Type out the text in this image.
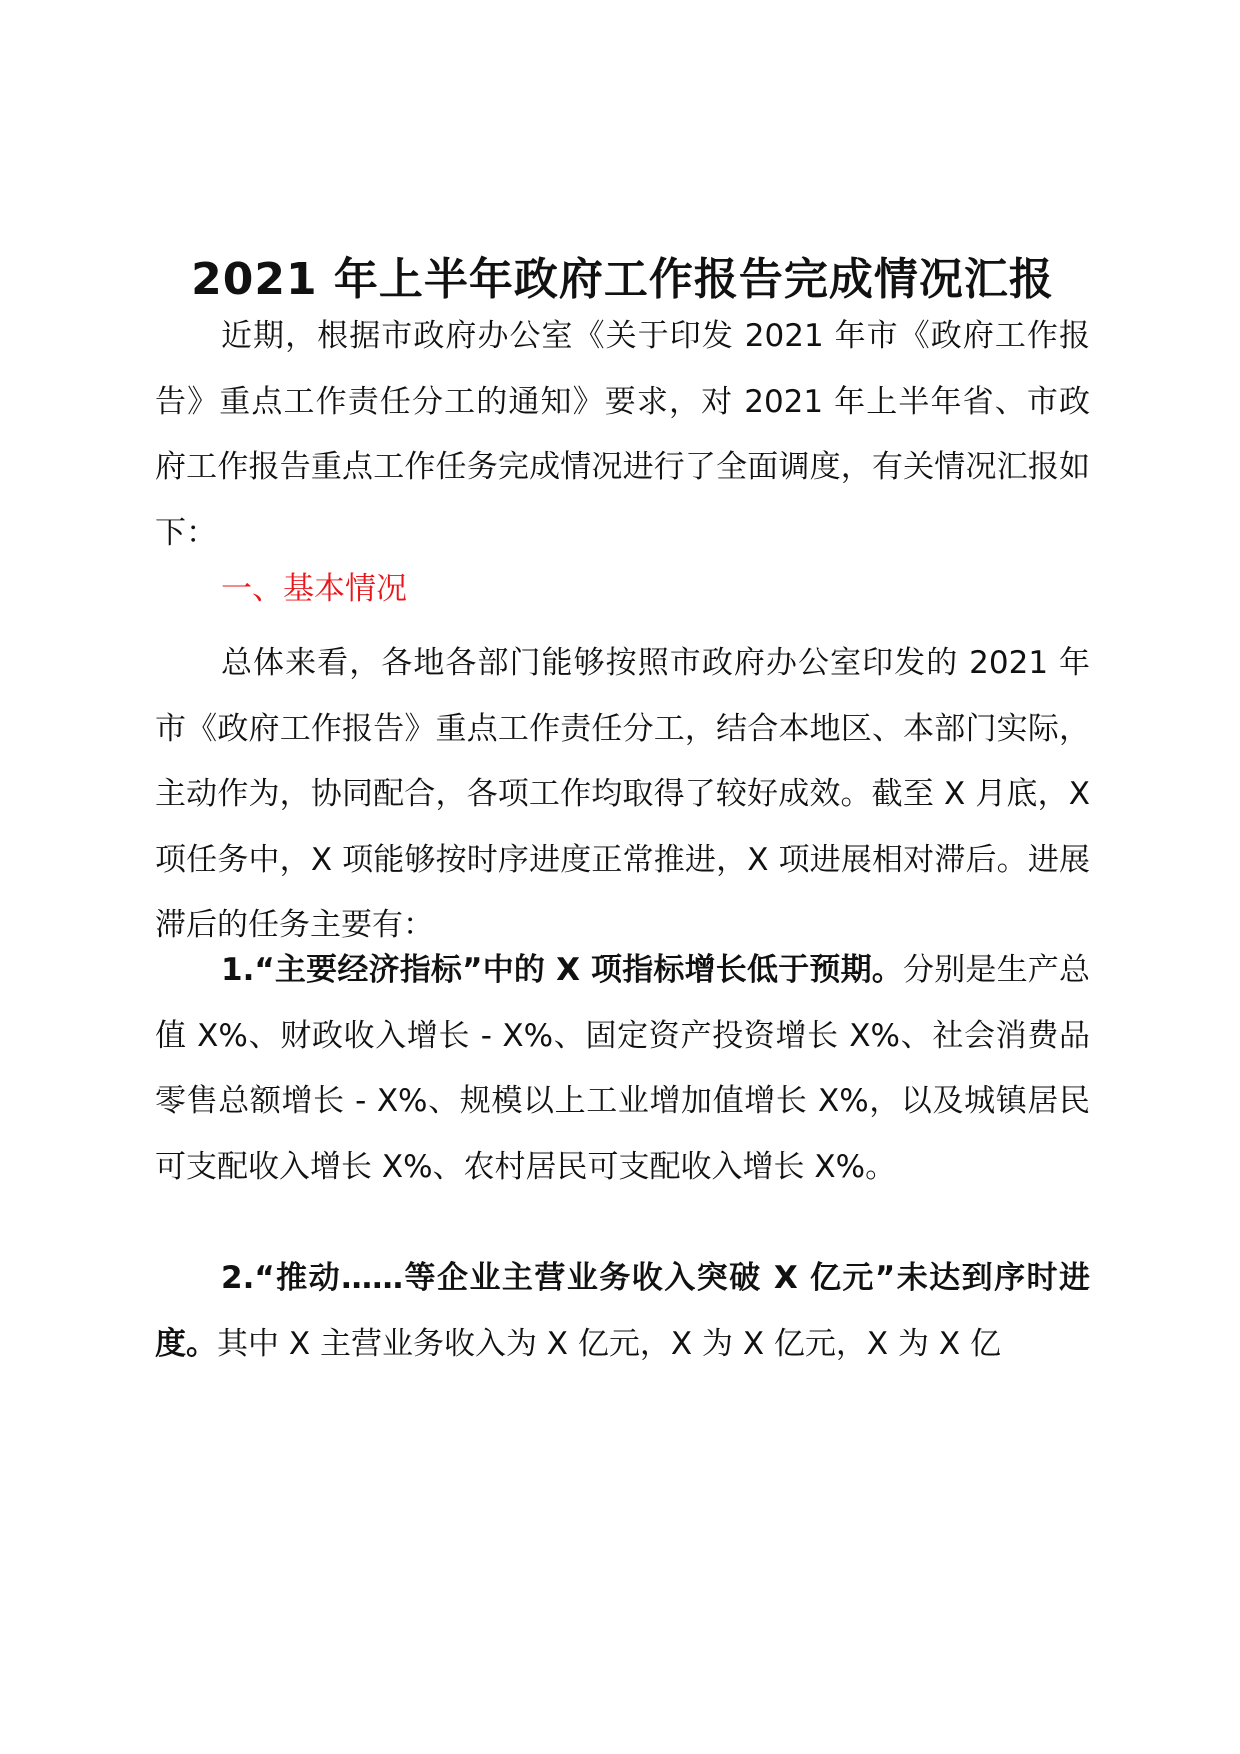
2021 年上半年政府工作报告完成情况汇报

近期，根据市政府办公室《关于印发 2021 年市《政府工作报告》重点工作责任分工的通知》要求，对 2021 年上半年省、市政府工作报告重点工作任务完成情况进行了全面调度，有关情况汇报如下：

一、基本情况

总体来看，各地各部门能够按照市政府办公室印发的 2021 年市《政府工作报告》重点工作责任分工，结合本地区、本部门实际，主动作为，协同配合，各项工作均取得了较好成效。截至 X 月底，X 项任务中，X 项能够按时序进度正常推进，X 项进展相对滞后。进展滞后的任务主要有：

1.“主要经济指标”中的 X 项指标增长低于预期。分别是生产总值 X%、财政收入增长 - X%、固定资产投资增长 X%、社会消费品零售总额增长 - X%、规模以上工业增加值增长 X%，以及城镇居民可支配收入增长 X%、农村居民可支配收入增长 X%。

2.“推动……等企业主营业务收入突破 X 亿元”未达到序时进度。其中 X 主营业务收入为 X 亿元，X 为 X 亿元，X 为 X 亿
